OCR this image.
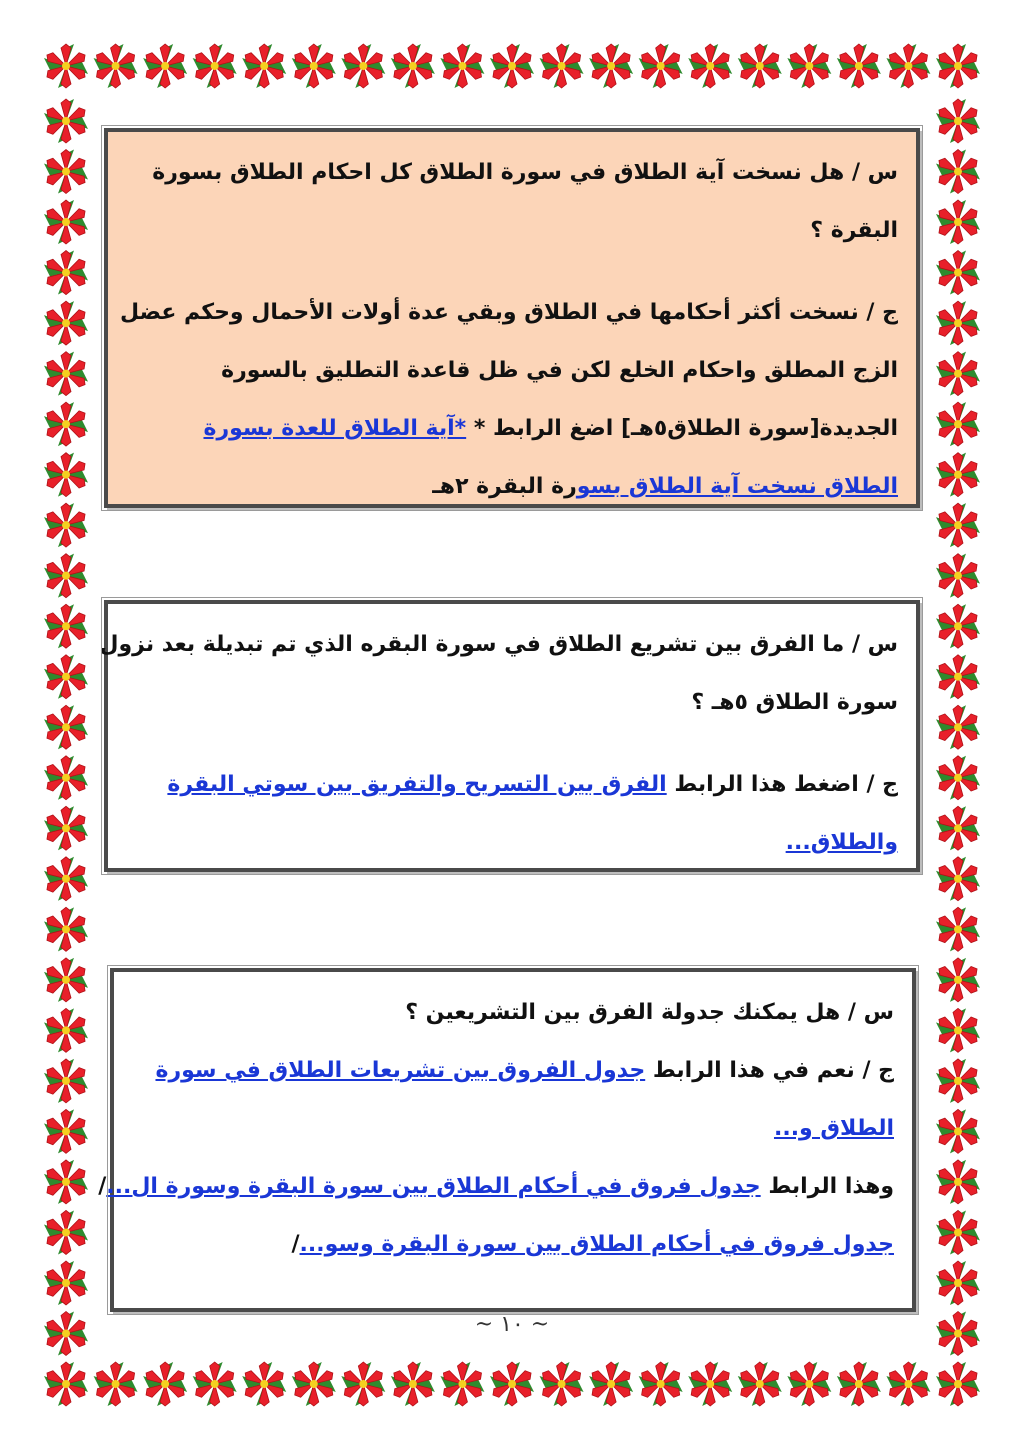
س / هل نسخت آية الطلاق في سورة الطلاق كل احكام الطلاق بسورة
البقرة ؟
ج / نسخت أكثر أحكامها في الطلاق وبقي عدة أولات الأحمال وحكم عضل
الزج المطلق واحكام الخلع لكن في ظل قاعدة التطليق بالسورة
الجديدة[سورة الطلاق٥هـ] اضغ الرابط * *آية الطلاق للعدة بسورة
الطلاق نسخت آية الطلاق بسورة البقرة ٢هـ
س / ما الفرق بين تشريع الطلاق في سورة البقره الذي تم تبديلة بعد نزول
سورة الطلاق ٥هـ ؟
ج / اضغط هذا الرابط الفرق بين التسريح والتفريق بين سوتي البقرة
والطلاق...
س / هل يمكنك جدولة الفرق بين التشريعين ؟
ج / نعم في هذا الرابط جدول الفروق بين تشريعات الطلاق في سورة
الطلاق و...
وهذا الرابط جدول فروق في أحكام الطلاق بين سورة البقرة وسورة ال.../
جدول فروق في أحكام الطلاق بين سورة البقرة وسو.../
~ ١٠ ~
